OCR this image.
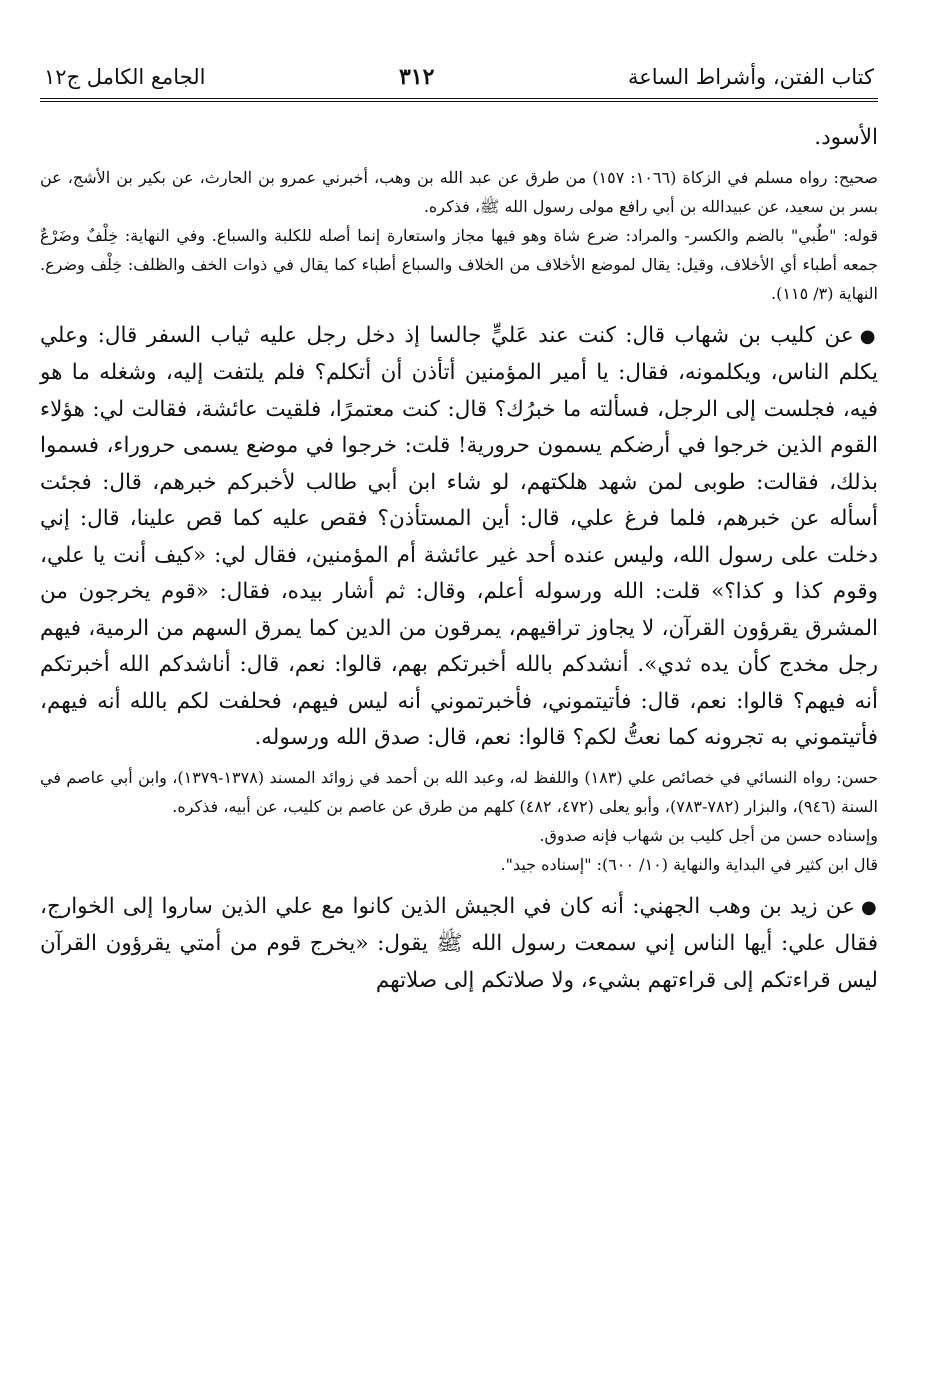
كتاب الفتن، وأشراط الساعة
٣١٢
الجامع الكامل ج١٢

الأسود.

صحيح: رواه مسلم في الزكاة (١٠٦٦: ١٥٧) من طرق عن عبد الله بن وهب، أخبرني عمرو بن الحارث، عن بكير بن الأشج، عن بسر بن سعيد، عن عبيدالله بن أبي رافع مولى رسول الله ﷺ، فذكره.

قوله: "طُبي" بالضم والكسر- والمراد: ضرع شاة وهو فيها مجاز واستعارة إنما أصله للكلبة والسباع. وفي النهاية: خِلْفٌ وضَرْعٌ جمعه أطباء أي الأخلاف، وقيل: يقال لموضع الأخلاف من الخلاف والسباع أطباء كما يقال في ذوات الخف والظلف: خِلْف وضرع. النهاية (٣/ ١١٥).

●عن كليب بن شهاب قال: كنت عند عَليٍّ جالسا إذ دخل رجل عليه ثياب السفر قال: وعلي يكلم الناس، ويكلمونه، فقال: يا أمير المؤمنين أتأذن أن أتكلم؟ فلم يلتفت إليه، وشغله ما هو فيه، فجلست إلى الرجل، فسألته ما خبرُك؟ قال: كنت معتمرًا، فلقيت عائشة، فقالت لي: هؤلاء القوم الذين خرجوا في أرضكم يسمون حرورية! قلت: خرجوا في موضع يسمى حروراء، فسموا بذلك، فقالت: طوبى لمن شهد هلكتهم، لو شاء ابن أبي طالب لأخبركم خبرهم، قال: فجئت أسأله عن خبرهم، فلما فرغ علي، قال: أين المستأذن؟ فقص عليه كما قص علينا، قال: إني دخلت على رسول الله، وليس عنده أحد غير عائشة أم المؤمنين، فقال لي: «كيف أنت يا علي، وقوم كذا و كذا؟» قلت: الله ورسوله أعلم، وقال: ثم أشار بيده، فقال: «قوم يخرجون من المشرق يقرؤون القرآن، لا يجاوز تراقيهم، يمرقون من الدين كما يمرق السهم من الرمية، فيهم رجل مخدج كأن يده ثدي». أنشدكم بالله أخبرتكم بهم، قالوا: نعم، قال: أناشدكم الله أخبرتكم أنه فيهم؟ قالوا: نعم، قال: فأتيتموني، فأخبرتموني أنه ليس فيهم، فحلفت لكم بالله أنه فيهم، فأتيتموني به تجرونه كما نعتُّ لكم؟ قالوا: نعم، قال: صدق الله ورسوله.

حسن: رواه النسائي في خصائص علي (١٨٣) واللفظ له، وعبد الله بن أحمد في زوائد المسند (١٣٧٨-١٣٧٩)، وابن أبي عاصم في السنة (٩٤٦)، والبزار (٧٨٢-٧٨٣)، وأبو يعلى (٤٧٢، ٤٨٢) كلهم من طرق عن عاصم بن كليب، عن أبيه، فذكره.

وإسناده حسن من أجل كليب بن شهاب فإنه صدوق.

قال ابن كثير في البداية والنهاية (١٠/ ٦٠٠): "إسناده جيد".

●عن زيد بن وهب الجهني: أنه كان في الجيش الذين كانوا مع علي الذين ساروا إلى الخوارج، فقال علي: أيها الناس إني سمعت رسول الله ﷺ يقول: «يخرج قوم من أمتي يقرؤون القرآن ليس قراءتكم إلى قراءتهم بشيء، ولا صلاتكم إلى صلاتهم
